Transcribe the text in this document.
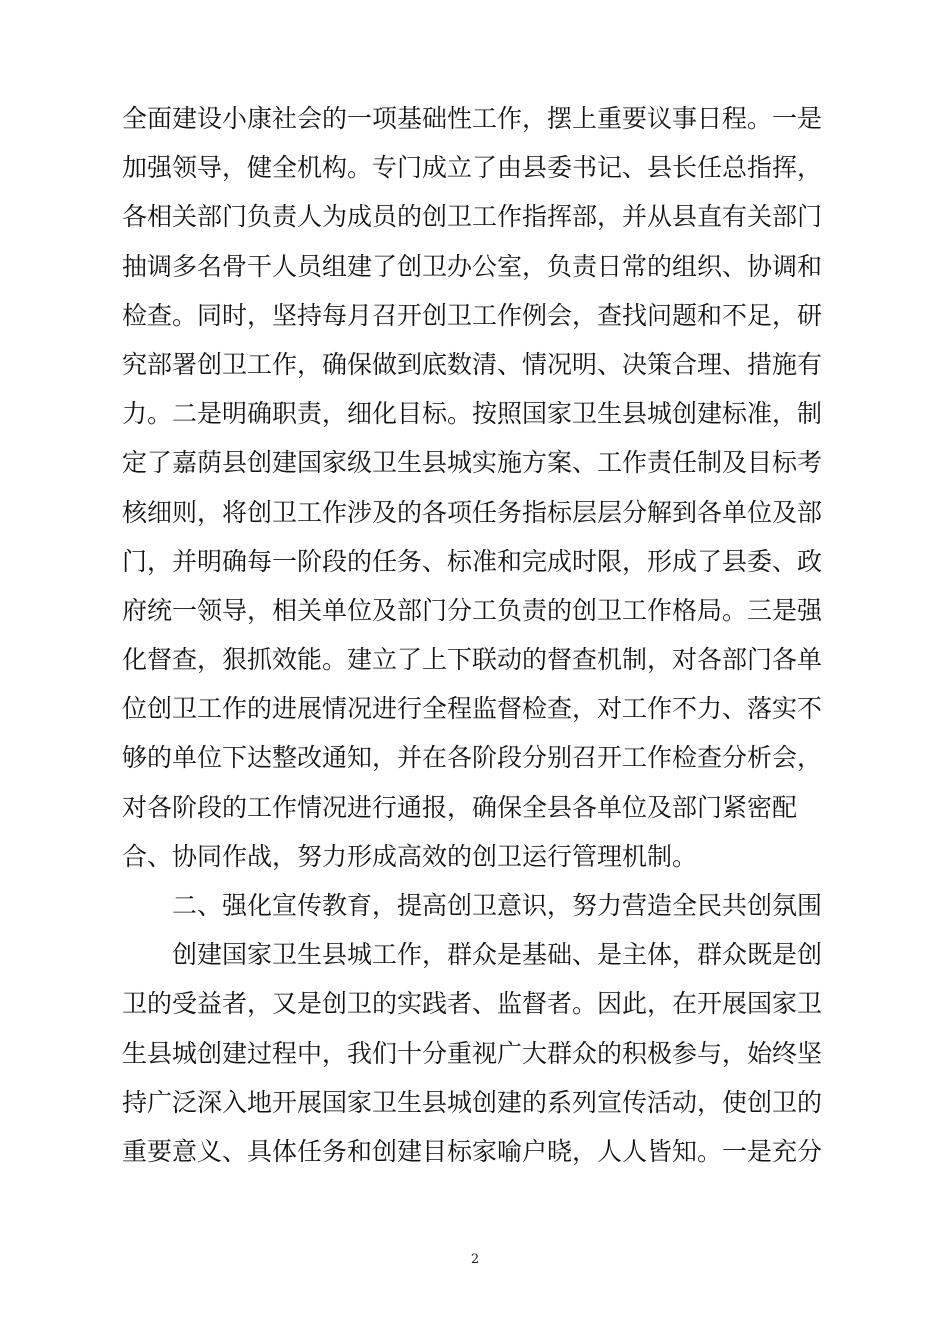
全面建设小康社会的一项基础性工作，摆上重要议事日程。一是
加强领导，健全机构。专门成立了由县委书记、县长任总指挥，
各相关部门负责人为成员的创卫工作指挥部，并从县直有关部门
抽调多名骨干人员组建了创卫办公室，负责日常的组织、协调和
检查。同时，坚持每月召开创卫工作例会，查找问题和不足，研
究部署创卫工作，确保做到底数清、情况明、决策合理、措施有
力。二是明确职责，细化目标。按照国家卫生县城创建标准，制
定了嘉荫县创建国家级卫生县城实施方案、工作责任制及目标考
核细则，将创卫工作涉及的各项任务指标层层分解到各单位及部
门，并明确每一阶段的任务、标准和完成时限，形成了县委、政
府统一领导，相关单位及部门分工负责的创卫工作格局。三是强
化督查，狠抓效能。建立了上下联动的督查机制，对各部门各单
位创卫工作的进展情况进行全程监督检查，对工作不力、落实不
够的单位下达整改通知，并在各阶段分别召开工作检查分析会，
对各阶段的工作情况进行通报，确保全县各单位及部门紧密配
合、协同作战，努力形成高效的创卫运行管理机制。
　　二、强化宣传教育，提高创卫意识，努力营造全民共创氛围
　　创建国家卫生县城工作，群众是基础、是主体，群众既是创
卫的受益者，又是创卫的实践者、监督者。因此，在开展国家卫
生县城创建过程中，我们十分重视广大群众的积极参与，始终坚
持广泛深入地开展国家卫生县城创建的系列宣传活动，使创卫的
重要意义、具体任务和创建目标家喻户晓，人人皆知。一是充分
2
